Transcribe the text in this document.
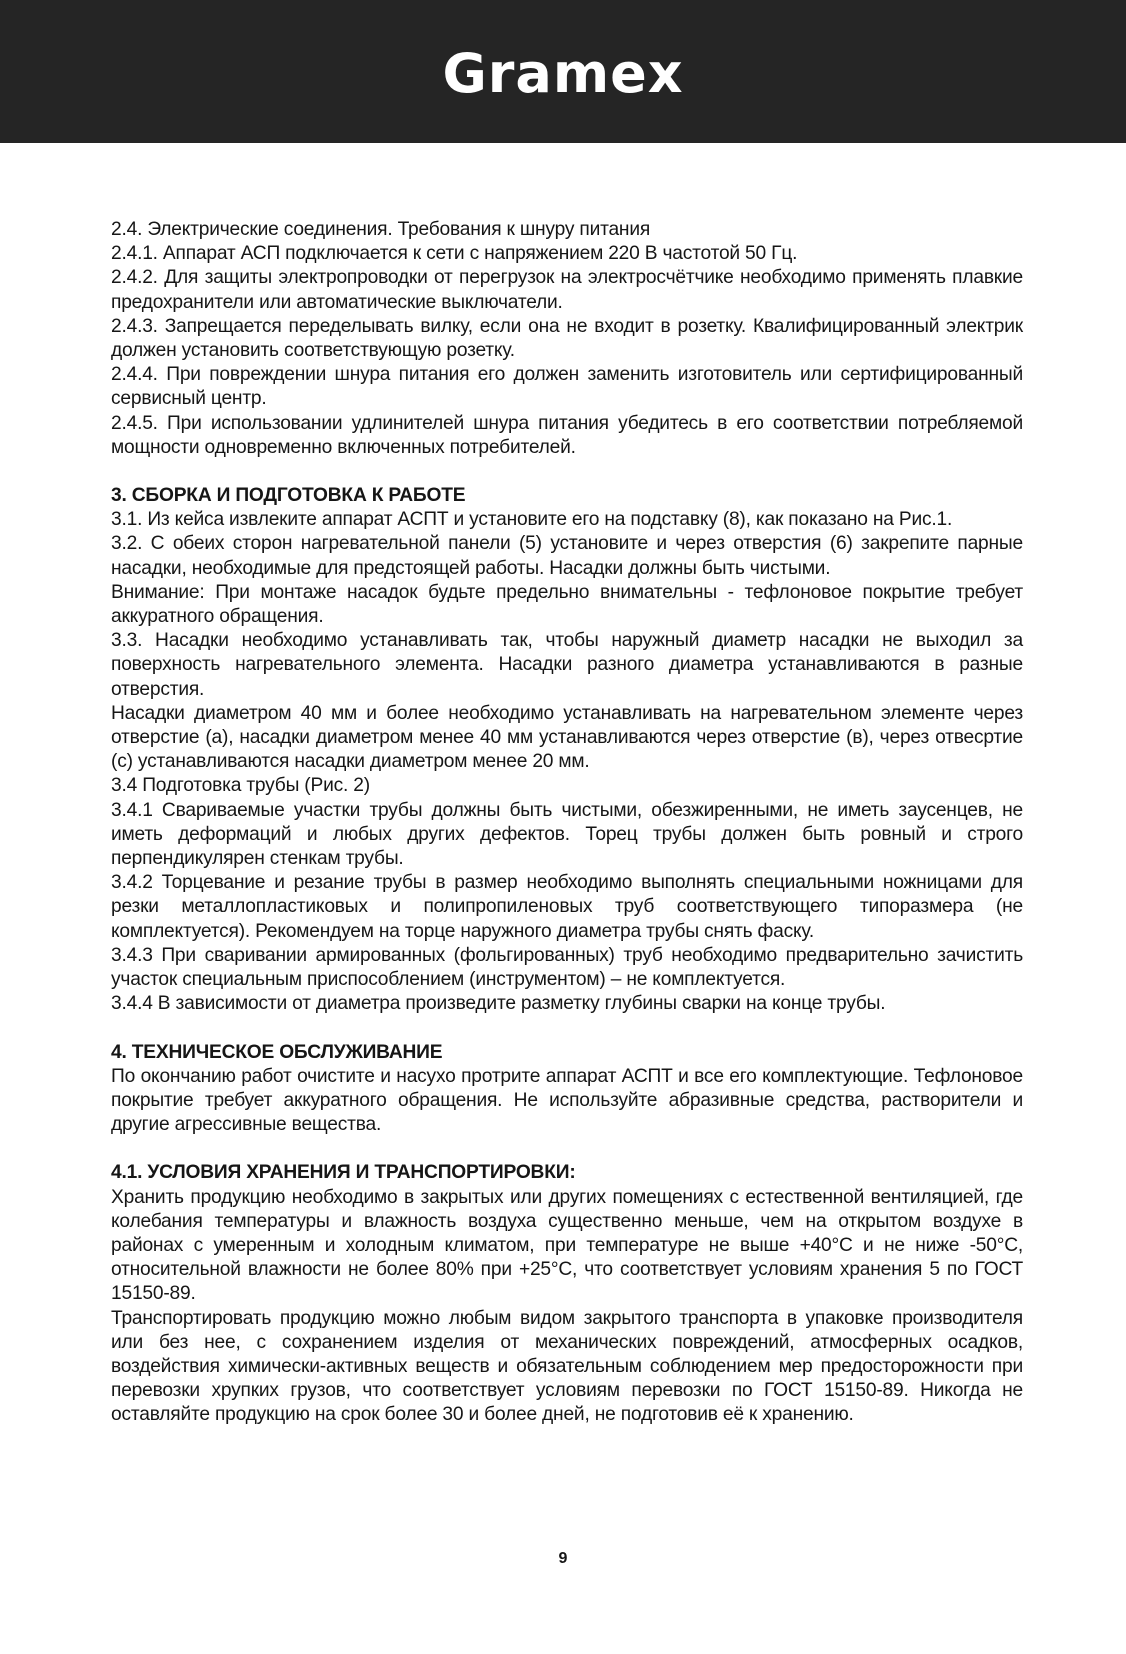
Gramex

2.4. Электрические соединения. Требования к шнуру питания

2.4.1. Аппарат АСП подключается к сети с напряжением 220 В частотой 50 Гц.

2.4.2. Для защиты электропроводки от перегрузок на электросчётчике необходимо применять плавкие предохранители или автоматические выключатели.

2.4.3. Запрещается переделывать вилку, если она не входит в розетку. Квалифицированный электрик должен установить соответствующую розетку.

2.4.4. При повреждении шнура питания его должен заменить изготовитель или сертифицированный сервисный центр.

2.4.5. При использовании удлинителей шнура питания убедитесь в его соответствии потребляемой мощности одновременно включенных потребителей.

3. СБОРКА И ПОДГОТОВКА К РАБОТЕ

3.1. Из кейса извлеките аппарат АСПТ и установите его на подставку (8), как показано на Рис.1.

3.2. С обеих сторон нагревательной панели (5) установите и через отверстия (6) закрепите парные насадки, необходимые для предстоящей работы. Насадки должны быть чистыми.

Внимание: При монтаже насадок будьте предельно внимательны - тефлоновое покрытие требует аккуратного обращения.

3.3. Насадки необходимо устанавливать так, чтобы наружный диаметр насадки не выходил за поверхность нагревательного элемента. Насадки разного диаметра устанавливаются в разные отверстия.

Насадки диаметром 40 мм и более необходимо устанавливать на нагревательном элементе через отверстие (а), насадки диаметром менее 40 мм устанавливаются через отверстие (в), через отвесртие (с) устанавливаются насадки диаметром менее 20 мм.

3.4 Подготовка трубы (Рис. 2)

3.4.1 Свариваемые участки трубы должны быть чистыми, обезжиренными, не иметь заусенцев, не иметь деформаций и любых других дефектов. Торец трубы должен быть ровный и строго перпендикулярен стенкам трубы.

3.4.2 Торцевание и резание трубы в размер необходимо выполнять специальными ножницами для резки металлопластиковых и полипропиленовых труб соответствующего типоразмера (не комплектуется). Рекомендуем на торце наружного диаметра трубы снять фаску.

3.4.3 При сваривании армированных (фольгированных) труб необходимо предварительно зачистить участок специальным приспособлением (инструментом) – не комплектуется.

3.4.4 В зависимости от диаметра произведите разметку глубины сварки на конце трубы.

4. ТЕХНИЧЕСКОЕ ОБСЛУЖИВАНИЕ

По окончанию работ очистите и насухо протрите аппарат АСПТ и все его комплектующие. Тефлоновое покрытие требует аккуратного обращения. Не используйте абразивные средства, растворители и другие агрессивные вещества.

4.1. УСЛОВИЯ ХРАНЕНИЯ И ТРАНСПОРТИРОВКИ:

Хранить продукцию необходимо в закрытых или других помещениях с естественной вентиляцией, где колебания температуры и влажность воздуха существенно меньше, чем на открытом воздухе в районах с умеренным и холодным климатом, при температуре не выше +40°С и не ниже -50°С, относительной влажности не более 80% при +25°С, что соответствует условиям хранения 5 по ГОСТ 15150-89.

Транспортировать продукцию можно любым видом закрытого транспорта в упаковке производителя или без нее, с сохранением изделия от механических повреждений, атмосферных осадков, воздействия химически-активных веществ и обязательным соблюдением мер предосторожности при перевозки хрупких грузов, что соответствует условиям перевозки по ГОСТ 15150-89. Никогда не оставляйте продукцию на срок более 30 и более дней, не подготовив её к хранению.

9
